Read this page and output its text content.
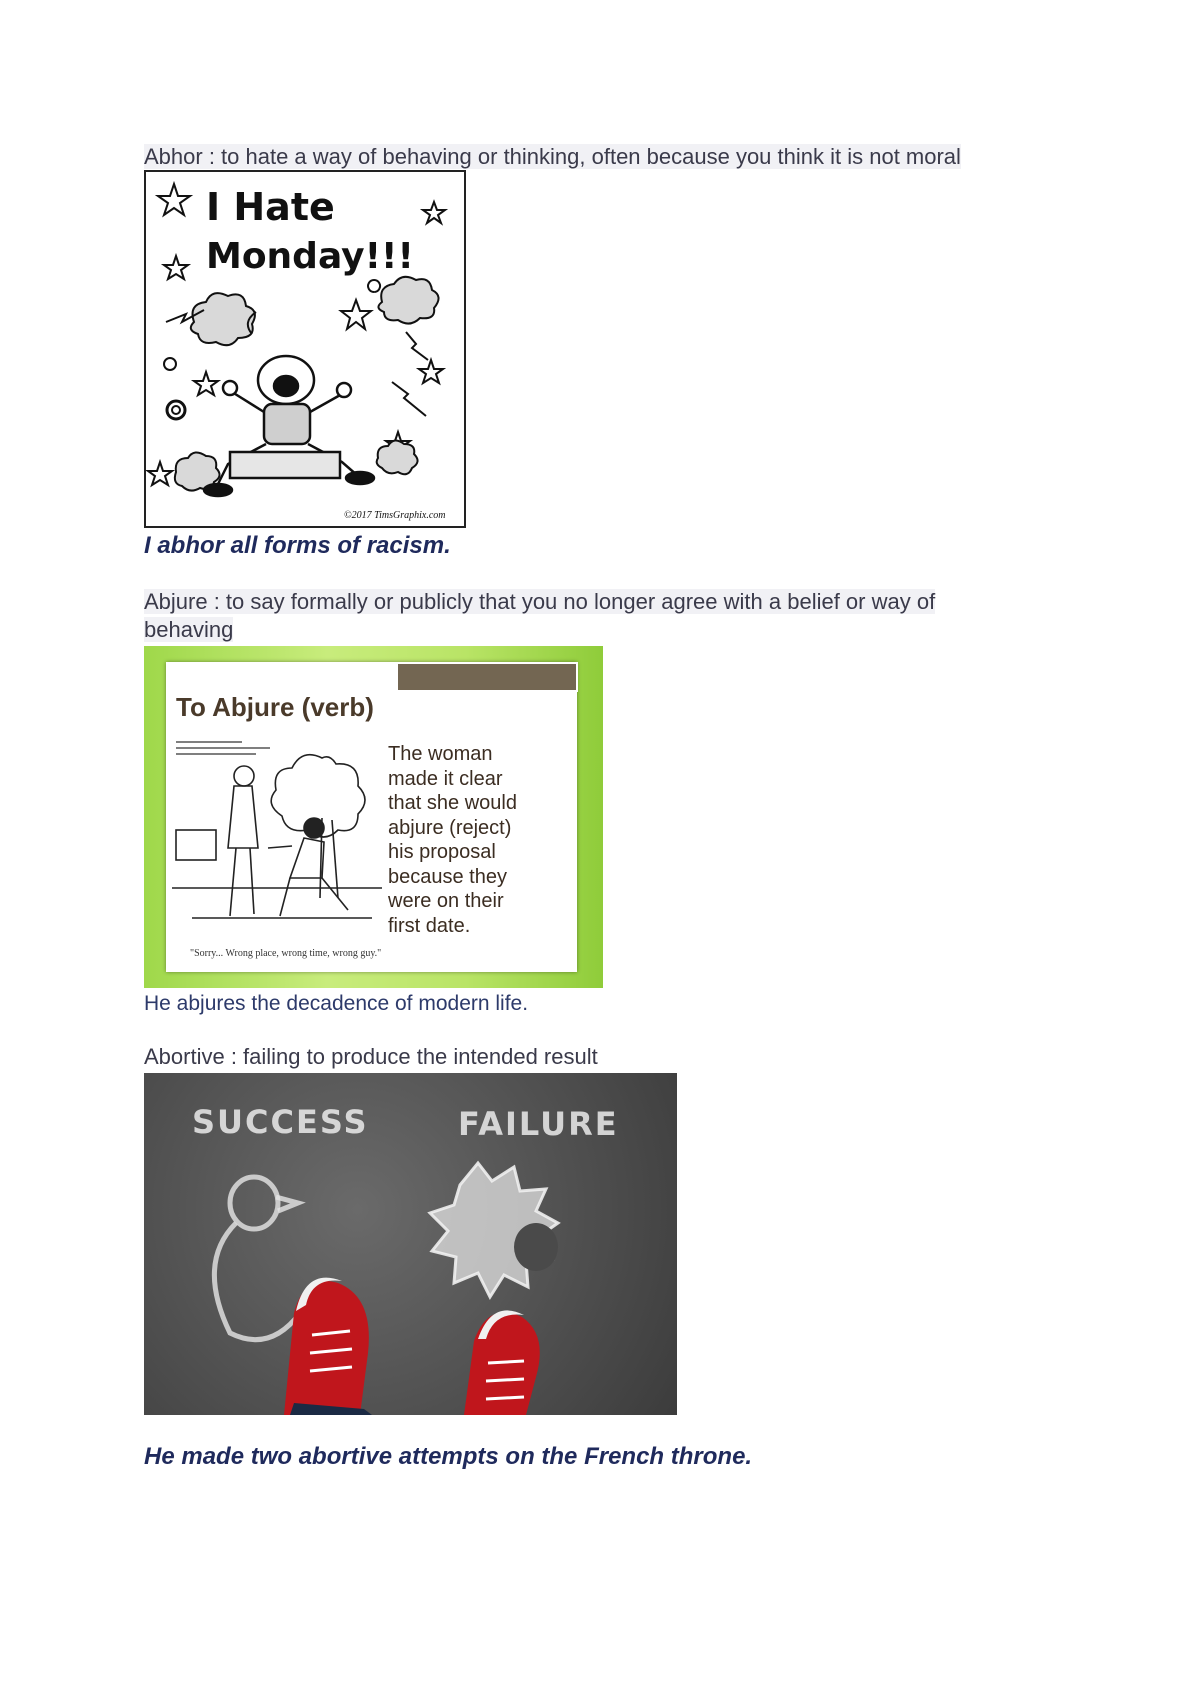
Abhor : to hate a way of behaving or thinking, often because you think it is not moral
I Hate
Monday!!!
©2017 TimsGraphix.com
I abhor all forms of racism.
Abjure : to say formally or publicly that you no longer agree with a belief or way of
behaving
To Abjure (verb)
The woman
made it clear
that she would
abjure (reject)
his proposal
because they
were on their
first date.
"Sorry... Wrong place, wrong time, wrong guy."
He abjures the decadence of modern life.
Abortive : failing to produce the intended result
SUCCESS	FAILURE
He made two abortive attempts on the French throne.
